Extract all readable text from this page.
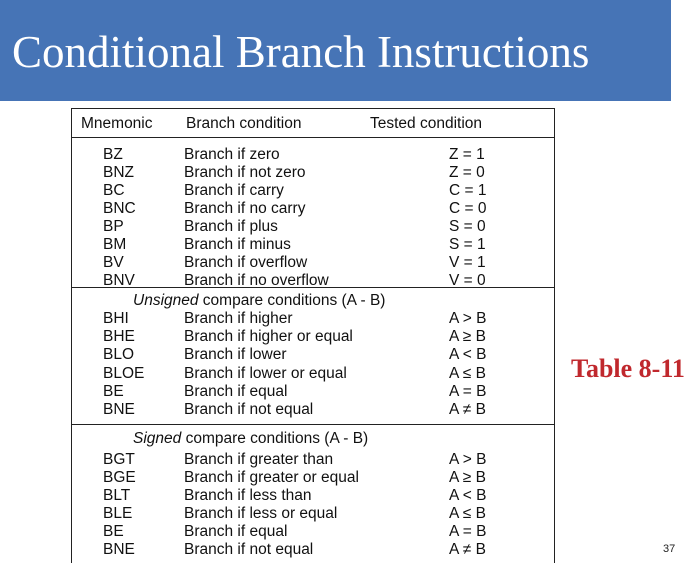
Conditional Branch Instructions
Mnemonic Branch condition	Tested condition
BZ	Branch if zero	Z = 1
BNZ	Branch if not zero	Z = 0
BC	Branch if carry	C = 1
BNC	Branch if no carry	C = 0
BP	Branch if plus	S = 0
BM	Branch if minus	S = 1
BV	Branch if overflow	V = 1
BNV	Branch if no overflow	V = 0
Unsigned compare conditions (A - B)
BHI	Branch if higher	A > B
BHE	Branch if higher or equal	A ≥ B
BLO	Branch if lower	A < B
BLOE	Branch if lower or equal	A ≤ B
BE	Branch if equal	A = B
BNE	Branch if not equal	A ≠ B
Signed compare conditions (A - B)
BGT	Branch if greater than	A > B
BGE	Branch if greater or equal	A ≥ B
BLT	Branch if less than	A < B
BLE	Branch if less or equal	A ≤ B
BE	Branch if equal	A = B
BNE	Branch if not equal	A ≠ B
Table 8-11
37
